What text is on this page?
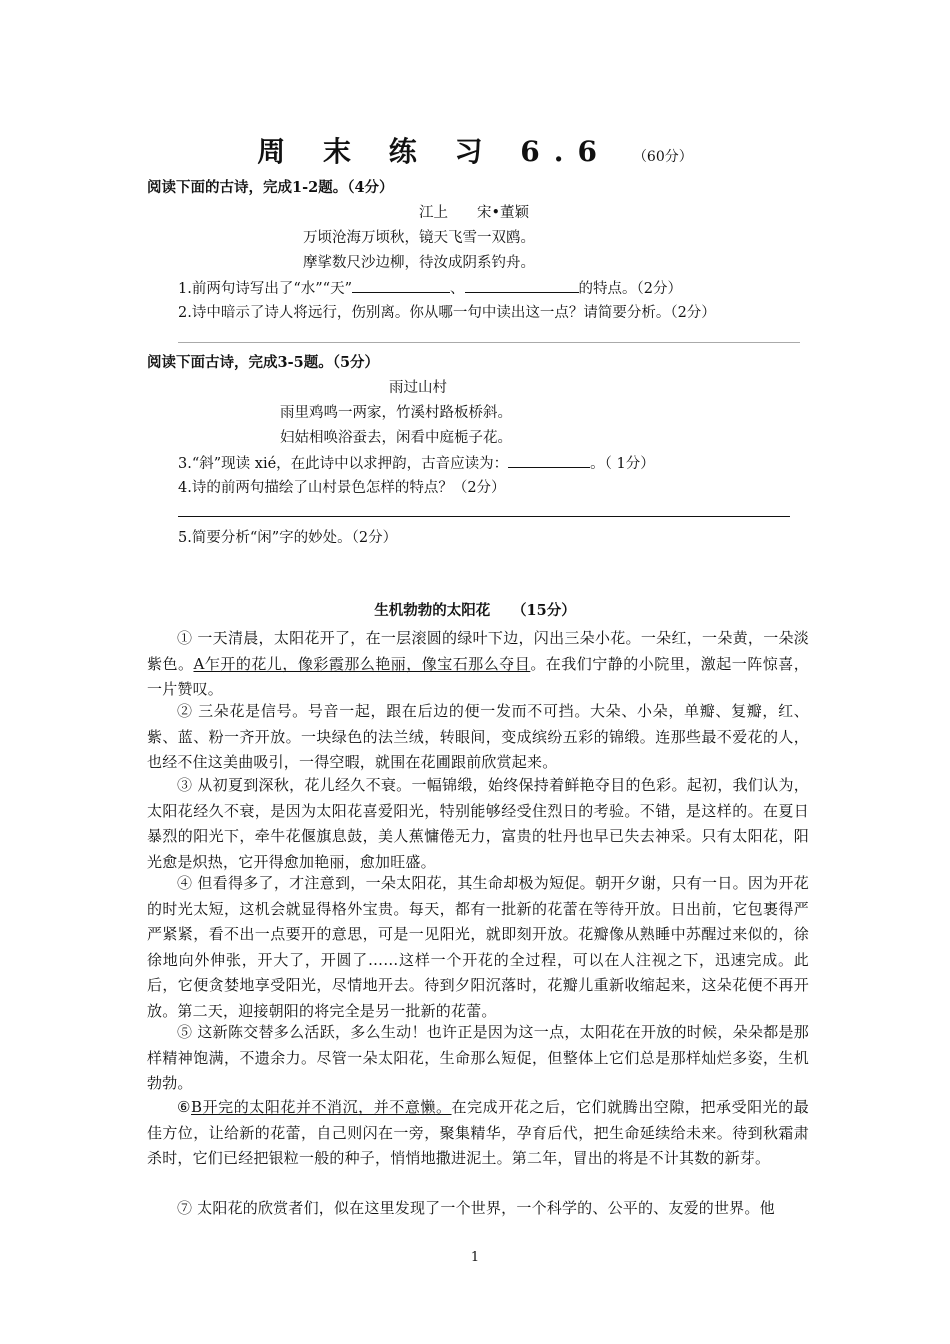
周 末 练 习 6.6 （60分）
阅读下面的古诗，完成1-2题。（4分）
江上　　宋•董颖
万顷沧海万顷秋，镜天飞雪一双鸥。
摩挲数尺沙边柳，待汝成阴系钓舟。
1.前两句诗写出了“水”“天”	、	的特点。（2分）
2.诗中暗示了诗人将远行，伤别离。你从哪一句中读出这一点？请简要分析。（2分）
阅读下面古诗，完成3-5题。（5分）
雨过山村
雨里鸡鸣一两家，竹溪村路板桥斜。
妇姑相唤浴蚕去，闲看中庭栀子花。
3.“斜”现读 xié，在此诗中以求押韵，古音应读为：	。（ 1分）
4.诗的前两句描绘了山村景色怎样的特点？（2分）
5.简要分析“闲”字的妙处。（2分）
生机勃勃的太阳花　　（15分）
① 一天清晨，太阳花开了，在一层滚圆的绿叶下边，闪出三朵小花。一朵红，一朵黄，一朵淡紫色。A乍开的花儿，像彩霞那么艳丽，像宝石那么夺目。在我们宁静的小院里，激起一阵惊喜，一片赞叹。
② 三朵花是信号。号音一起，跟在后边的便一发而不可挡。大朵、小朵，单瓣、复瓣，红、紫、蓝、粉一齐开放。一块绿色的法兰绒，转眼间，变成缤纷五彩的锦缎。连那些最不爱花的人，也经不住这美曲吸引，一得空暇，就围在花圃跟前欣赏起来。
③ 从初夏到深秋，花儿经久不衰。一幅锦缎，始终保持着鲜艳夺目的色彩。起初，我们认为，太阳花经久不衰，是因为太阳花喜爱阳光，特别能够经受住烈日的考验。不错，是这样的。在夏日暴烈的阳光下，牵牛花偃旗息鼓，美人蕉慵倦无力，富贵的牡丹也早已失去神采。只有太阳花，阳光愈是炽热，它开得愈加艳丽，愈加旺盛。
④ 但看得多了，才注意到，一朵太阳花，其生命却极为短促。朝开夕谢，只有一日。因为开花的时光太短，这机会就显得格外宝贵。每天，都有一批新的花蕾在等待开放。日出前，它包裹得严严紧紧，看不出一点要开的意思，可是一见阳光，就即刻开放。花瓣像从熟睡中苏醒过来似的，徐徐地向外伸张，开大了，开圆了……这样一个开花的全过程，可以在人注视之下，迅速完成。此后，它便贪婪地享受阳光，尽情地开去。待到夕阳沉落时，花瓣儿重新收缩起来，这朵花便不再开放。第二天，迎接朝阳的将完全是另一批新的花蕾。
⑤ 这新陈交替多么活跃，多么生动！也许正是因为这一点，太阳花在开放的时候，朵朵都是那样精神饱满，不遗余力。尽管一朵太阳花，生命那么短促，但整体上它们总是那样灿烂多姿，生机勃勃。
⑥B开完的太阳花并不消沉，并不意懒。在完成开花之后，它们就腾出空隙，把承受阳光的最佳方位，让给新的花蕾，自己则闪在一旁，聚集精华，孕育后代，把生命延续给未来。待到秋霜肃杀时，它们已经把银粒一般的种子，悄悄地撒进泥土。第二年，冒出的将是不计其数的新芽。
⑦ 太阳花的欣赏者们，似在这里发现了一个世界，一个科学的、公平的、友爱的世界。他
1
